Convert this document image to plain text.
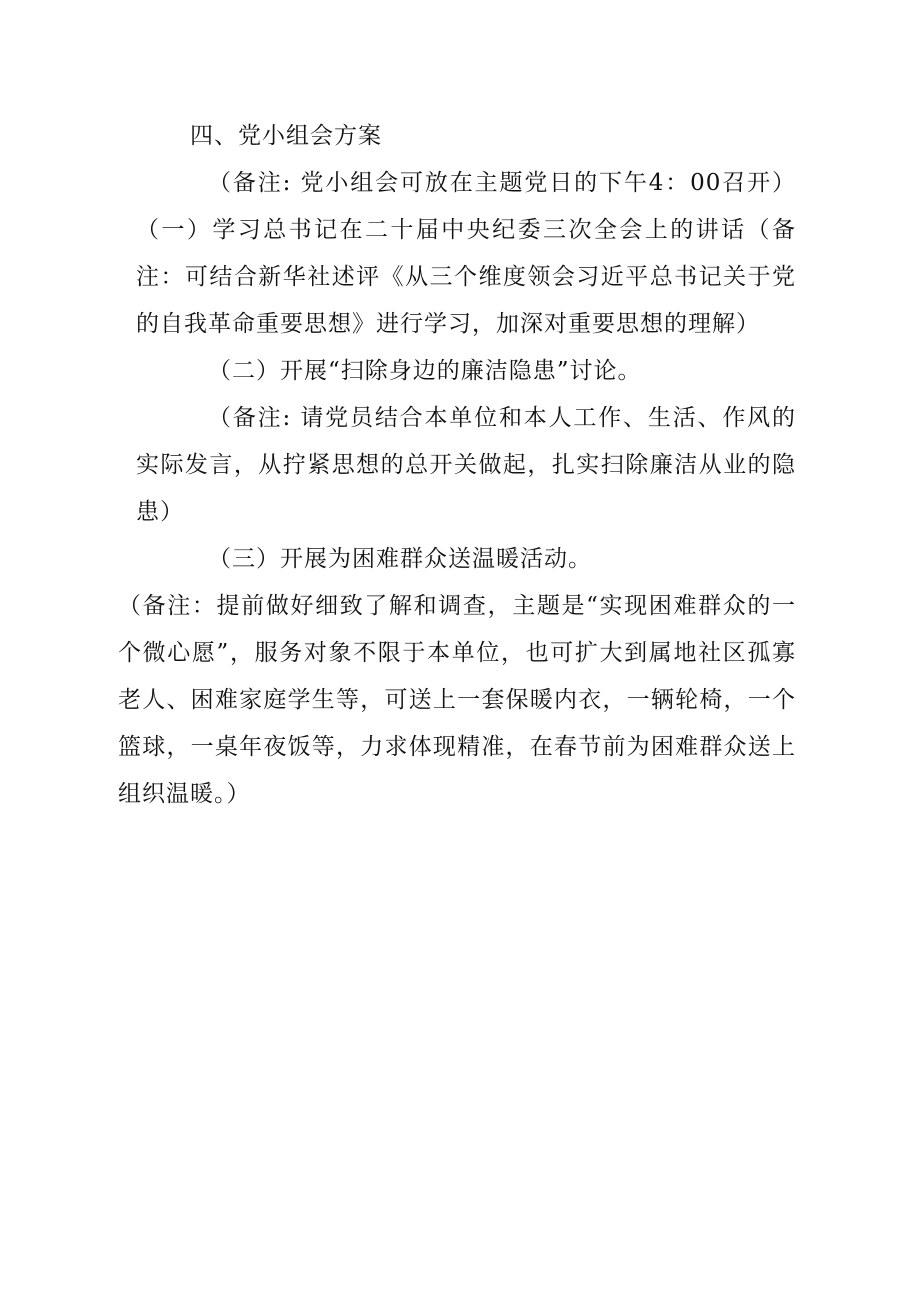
四、党小组会方案

（备注: 党小组会可放在主题党日的下午4：00召开）（一）学习总书记在二十届中央纪委三次全会上的讲话（备注：可结合新华社述评《从三个维度领会习近平总书记关于党的自我革命重要思想》进行学习，加深对重要思想的理解）

（二）开展“扫除身边的廉洁隐患”讨论。

（备注: 请党员结合本单位和本人工作、生活、作风的实际发言，从拧紧思想的总开关做起，扎实扫除廉洁从业的隐患）

（三）开展为困难群众送温暖活动。

（备注：提前做好细致了解和调查，主题是“实现困难群众的一个微心愿”，服务对象不限于本单位，也可扩大到属地社区孤寡老人、困难家庭学生等，可送上一套保暖内衣，一辆轮椅，一个篮球，一桌年夜饭等，力求体现精准，在春节前为困难群众送上组织温暖。）
